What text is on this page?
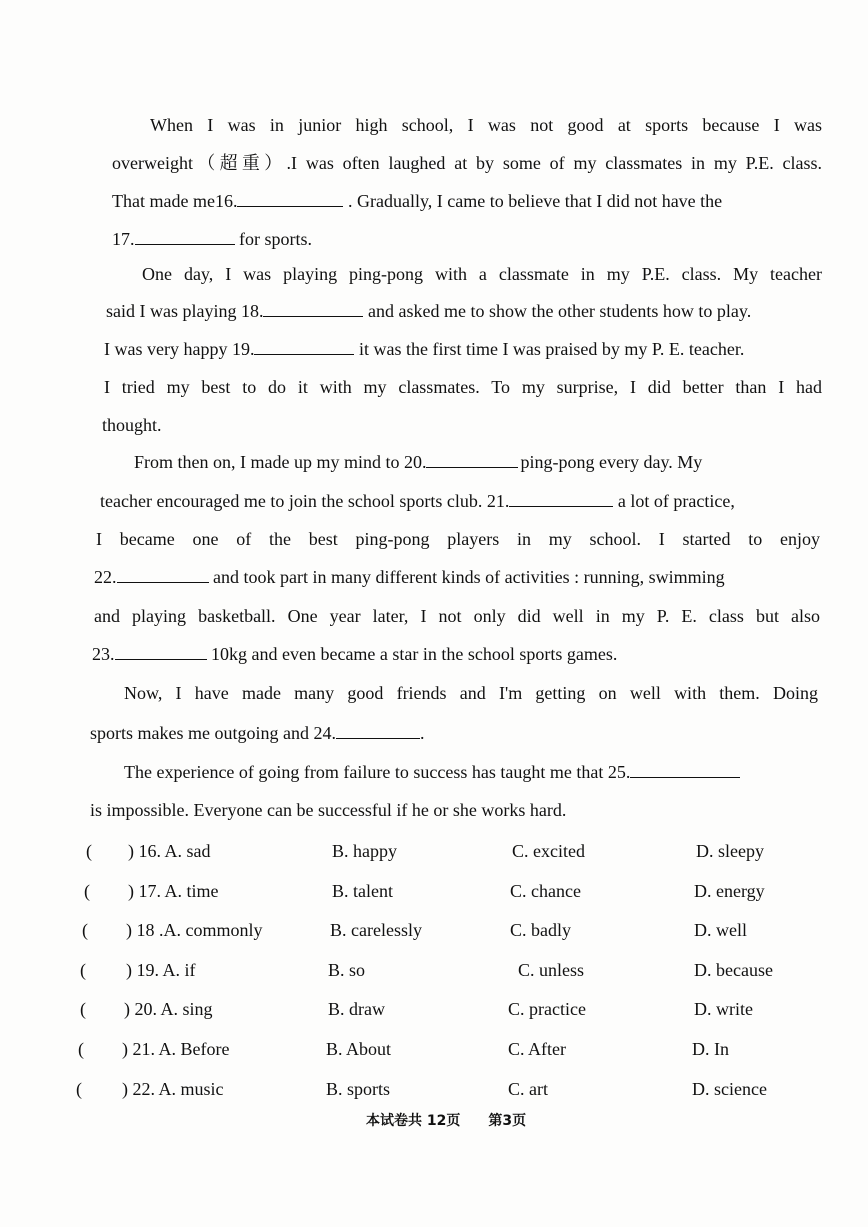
When I was in junior high school, I was not good at sports because I was
overweight（超重）.I was often laughed at by some of my classmates in my P.E. class.
That made me16.	. Gradually, I came to believe that I did not have the
17.	for sports.
One day, I was playing ping-pong with a classmate in my P.E. class. My teacher
said I was playing 18.	and asked me to show the other students how to play.
I was very happy 19.	it was the first time I was praised by my P. E. teacher.
I tried my best to do it with my classmates. To my surprise, I did better than I had
thought.
From then on, I made up my mind to 20.	ping-pong every day. My
teacher encouraged me to join the school sports club. 21.	a lot of practice,
I became one of the best ping-pong players in my school. I started to enjoy
22.	and took part in many different kinds of activities : running, swimming
and playing basketball. One year later, I not only did well in my P. E. class but also
23.	10kg and even became a star in the school sports games.
Now, I have made many good friends and I'm getting on well with them. Doing
sports makes me outgoing and 24.	.
The experience of going from failure to success has taught me that 25.
is impossible. Everyone can be successful if he or she works hard.
( ) 16. A. sad	B. happy	C. excited	D. sleepy
( ) 17. A. time	B. talent	C. chance	D. energy
( ) 18 .A. commonly	B. carelessly	C. badly	D. well
( ) 19. A. if	B. so	C. unless	D. because
( ) 20. A. sing	B. draw	C. practice	D. write
( ) 21. A. Before	B. About	C. After	D. In
( ) 22. A. music	B. sports	C. art	D. science
本试卷共 12页 第3页
